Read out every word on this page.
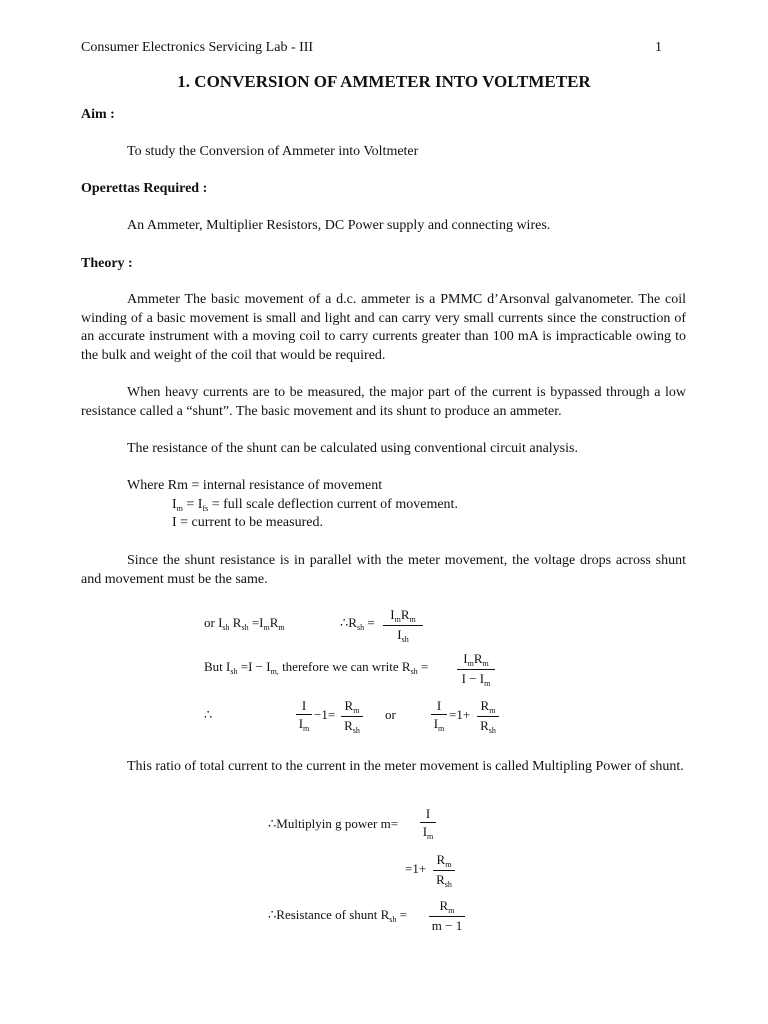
Consumer Electronics Servicing Lab - III	1
1. CONVERSION OF AMMETER INTO VOLTMETER
Aim :
To study the Conversion of Ammeter into Voltmeter
Operettas Required :
An Ammeter, Multiplier Resistors, DC Power supply and connecting wires.
Theory :
Ammeter The basic movement of a d.c. ammeter is a PMMC d’Arsonval galvanometer. The coil winding of a basic movement is small and light and can carry very small currents since the construction of an accurate instrument with a moving coil to carry currents greater than 100 mA is impracticable owing to the bulk and weight of the coil that would be required.
When heavy currents are to be measured, the major part of the current is bypassed through a low resistance called a “shunt”. The basic movement and its shunt to produce an ammeter.
The resistance of the shunt can be calculated using conventional circuit analysis.
Where Rm = internal resistance of movement
$I_m = I_{fs}$ = full scale deflection current of movement.
I = current to be measured.
Since the shunt resistance is in parallel with the meter movement, the voltage drops across shunt and movement must be the same.
or $I_{sh}$ $R_{sh} =I_mR_m$	$\therefore R_{sh}$ =
$I_mR_m$
$I_{sh}$
But $I_{sh} =I - I_{m,}$ therefore we can write $R_{sh}$ =
$I_mR_m$
$I - I_m$
∴
I
$I_m$
−1=
$R_m$
$R_{sh}$
or
I
$I_m$
=1+
$R_m$
$R_{sh}$
This ratio of total current to the current in the meter movement is called Multipling Power of shunt.
∴Multiplyin g power m=
I
$I_m$
=1+
$R_m$
$R_{sh}$
∴Resistance of shunt $R_{sh}$ =
$R_m$
m − 1
